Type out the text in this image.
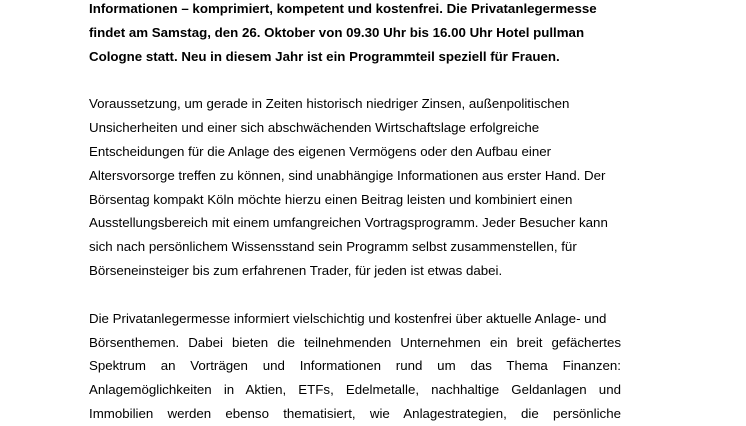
Informationen – komprimiert, kompetent und kostenfrei. Die Privatanlegermesse
findet am Samstag, den 26. Oktober von 09.30 Uhr bis 16.00 Uhr Hotel pullman
Cologne statt. Neu in diesem Jahr ist ein Programmteil speziell für Frauen.

Voraussetzung, um gerade in Zeiten historisch niedriger Zinsen, außenpolitischen
Unsicherheiten und einer sich abschwächenden Wirtschaftslage erfolgreiche
Entscheidungen für die Anlage des eigenen Vermögens oder den Aufbau einer
Altersvorsorge treffen zu können, sind unabhängige Informationen aus erster Hand. Der
Börsentag kompakt Köln möchte hierzu einen Beitrag leisten und kombiniert einen
Ausstellungsbereich mit einem umfangreichen Vortragsprogramm. Jeder Besucher kann
sich nach persönlichem Wissensstand sein Programm selbst zusammenstellen, für
Börseneinsteiger bis zum erfahrenen Trader, für jeden ist etwas dabei.

Die Privatanlegermesse informiert vielschichtig und kostenfrei über aktuelle Anlage- und
Börsenthemen. Dabei bieten die teilnehmenden Unternehmen ein breit gefächertes
Spektrum an Vorträgen und Informationen rund um das Thema Finanzen:
Anlagemöglichkeiten in Aktien, ETFs, Edelmetalle, nachhaltige Geldanlagen und
Immobilien werden ebenso thematisiert, wie Anlagestrategien, die persönliche
